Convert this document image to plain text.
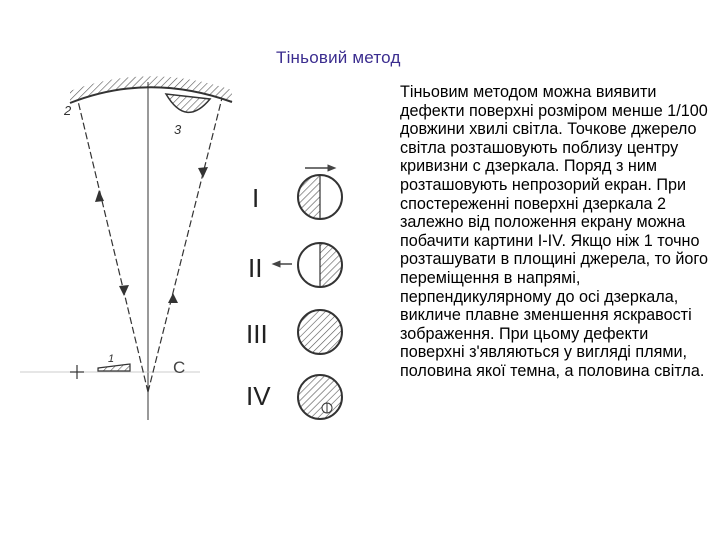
Тіньовий метод
2
3
1	C
I
II
III
IV

Тіньовим методом можна виявити дефекти поверхні розміром менше 1/100 довжини хвилі світла. Точкове джерело світла розташовують поблизу центру кривизни с дзеркала. Поряд з ним розташовують непрозорий екран. При спостереженні поверхні дзеркала 2 залежно від положення екрану можна побачити картини I-IV. Якщо ніж 1 точно розташувати в площині джерела, то його переміщення в напрямі, перпендикулярному до осі дзеркала, викличе плавне зменшення яскравості зображення. При цьому дефекти поверхні з'являються у вигляді плями, половина якої темна, а половина світла.
